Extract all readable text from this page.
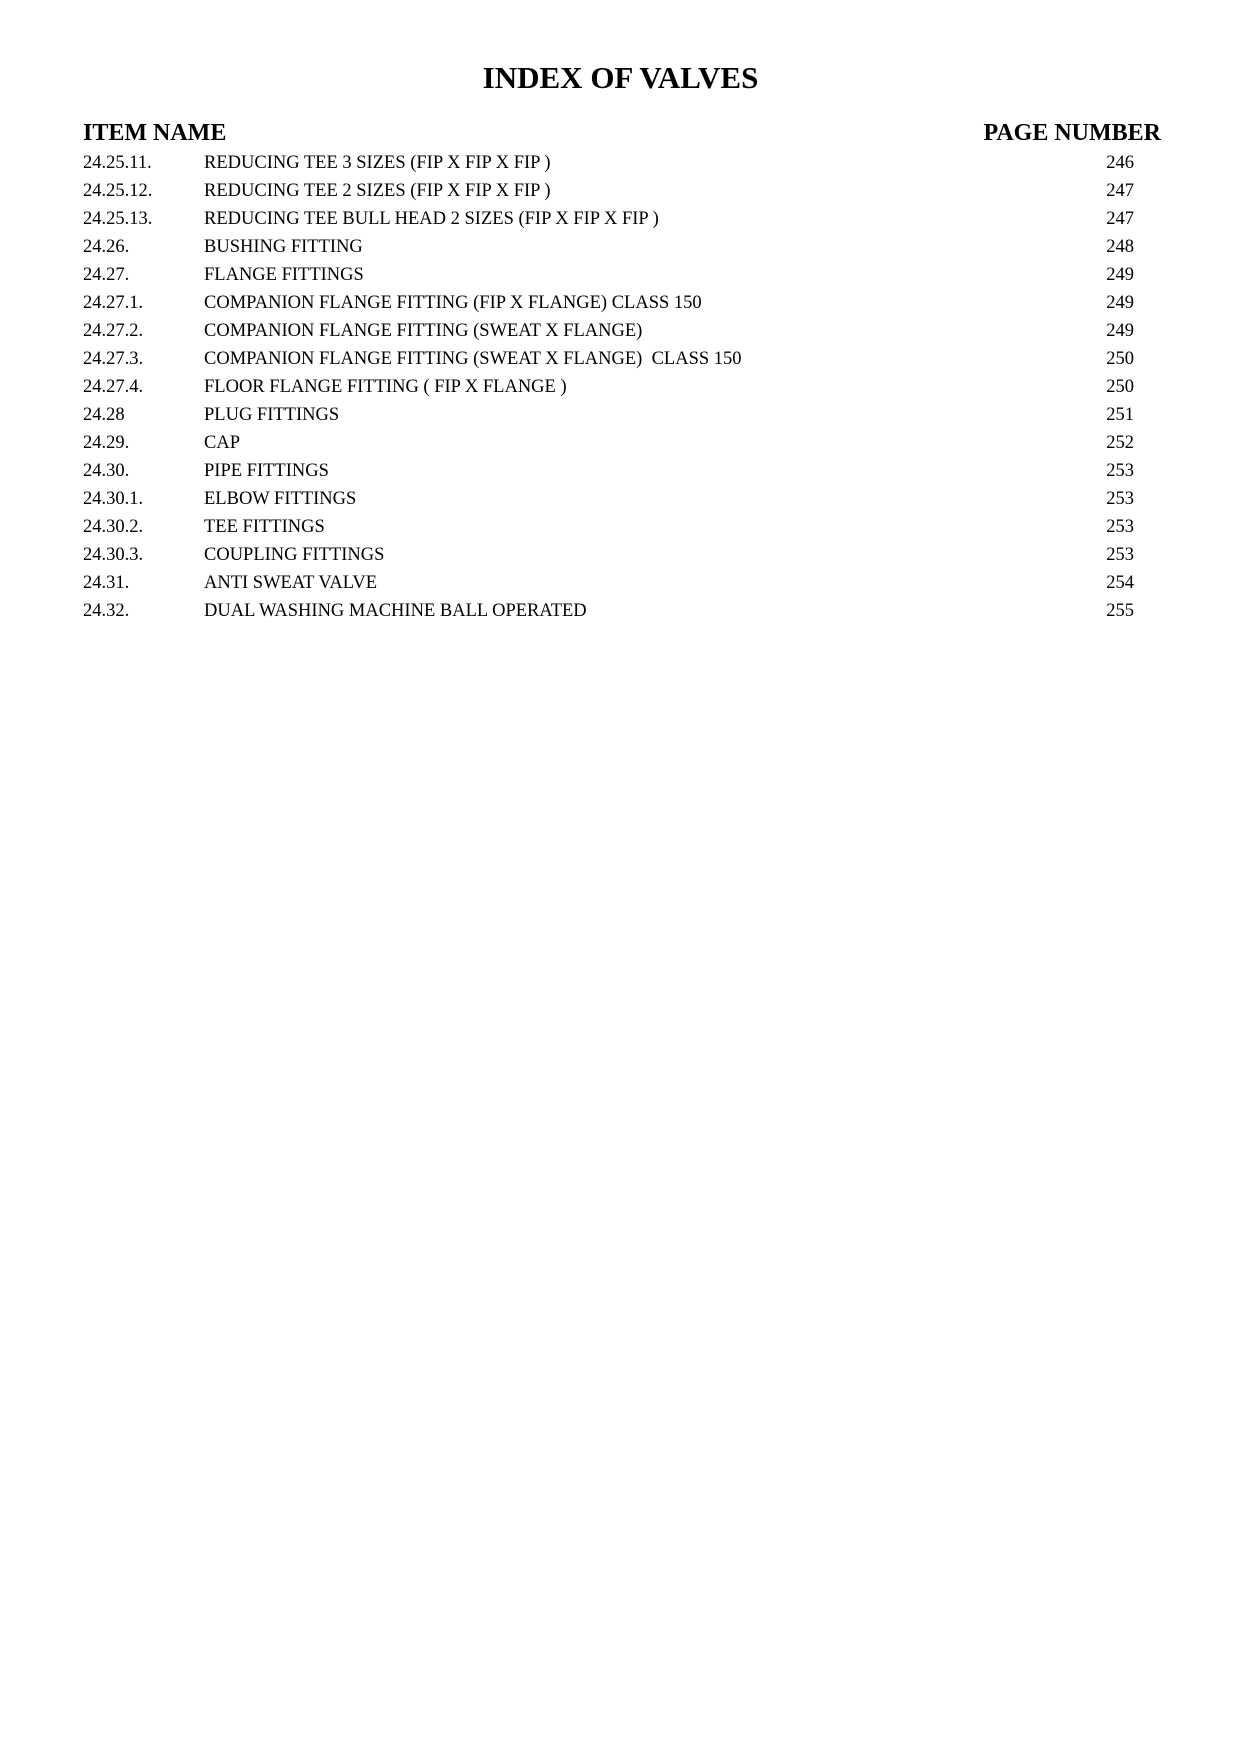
INDEX OF VALVES
ITEM NAME	PAGE NUMBER
24.25.11.	REDUCING TEE 3 SIZES (FIP X FIP X FIP )	246
24.25.12.	REDUCING TEE 2 SIZES (FIP X FIP X FIP )	247
24.25.13.	REDUCING TEE BULL HEAD 2 SIZES (FIP X FIP X FIP )	247
24.26.	BUSHING FITTING	248
24.27.	FLANGE FITTINGS	249
24.27.1.	COMPANION FLANGE FITTING (FIP X FLANGE) CLASS 150	249
24.27.2.	COMPANION FLANGE FITTING (SWEAT X FLANGE)	249
24.27.3.	COMPANION FLANGE FITTING (SWEAT X FLANGE)  CLASS 150	250
24.27.4.	FLOOR FLANGE FITTING ( FIP X FLANGE )	250
24.28	PLUG FITTINGS	251
24.29.	CAP	252
24.30.	PIPE FITTINGS	253
24.30.1.	ELBOW FITTINGS	253
24.30.2.	TEE FITTINGS	253
24.30.3.	COUPLING FITTINGS	253
24.31.	ANTI SWEAT VALVE	254
24.32.	DUAL WASHING MACHINE BALL OPERATED	255
